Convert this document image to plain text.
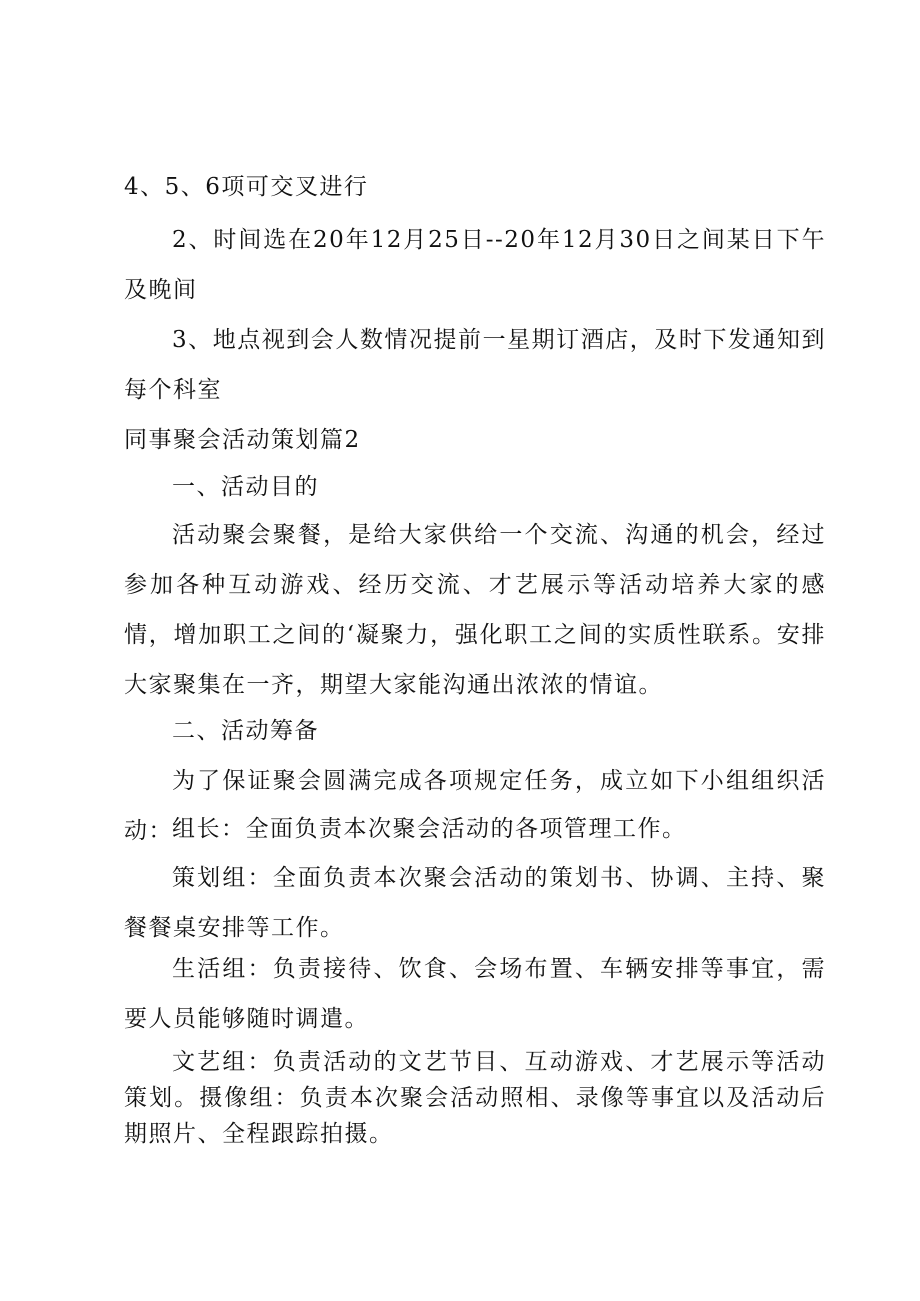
4、5、6项可交叉进行

2、时间选在20年12月25日--20年12月30日之间某日下午及晚间

3、地点视到会人数情况提前一星期订酒店，及时下发通知到每个科室

同事聚会活动策划篇2

一、活动目的

活动聚会聚餐，是给大家供给一个交流、沟通的机会，经过参加各种互动游戏、经历交流、才艺展示等活动培养大家的感情，增加职工之间的‘凝聚力，强化职工之间的实质性联系。安排大家聚集在一齐，期望大家能沟通出浓浓的情谊。

二、活动筹备

为了保证聚会圆满完成各项规定任务，成立如下小组组织活动： 组长：全面负责本次聚会活动的各项管理工作。

策划组：全面负责本次聚会活动的策划书、协调、主持、聚餐餐桌安排等工作。

生活组：负责接待、饮食、会场布置、车辆安排等事宜，需要人员能够随时调遣。

文艺组：负责活动的文艺节目、互动游戏、才艺展示等活动策划。摄像组：负责本次聚会活动照相、录像等事宜以及活动后期照片、全程跟踪拍摄。
